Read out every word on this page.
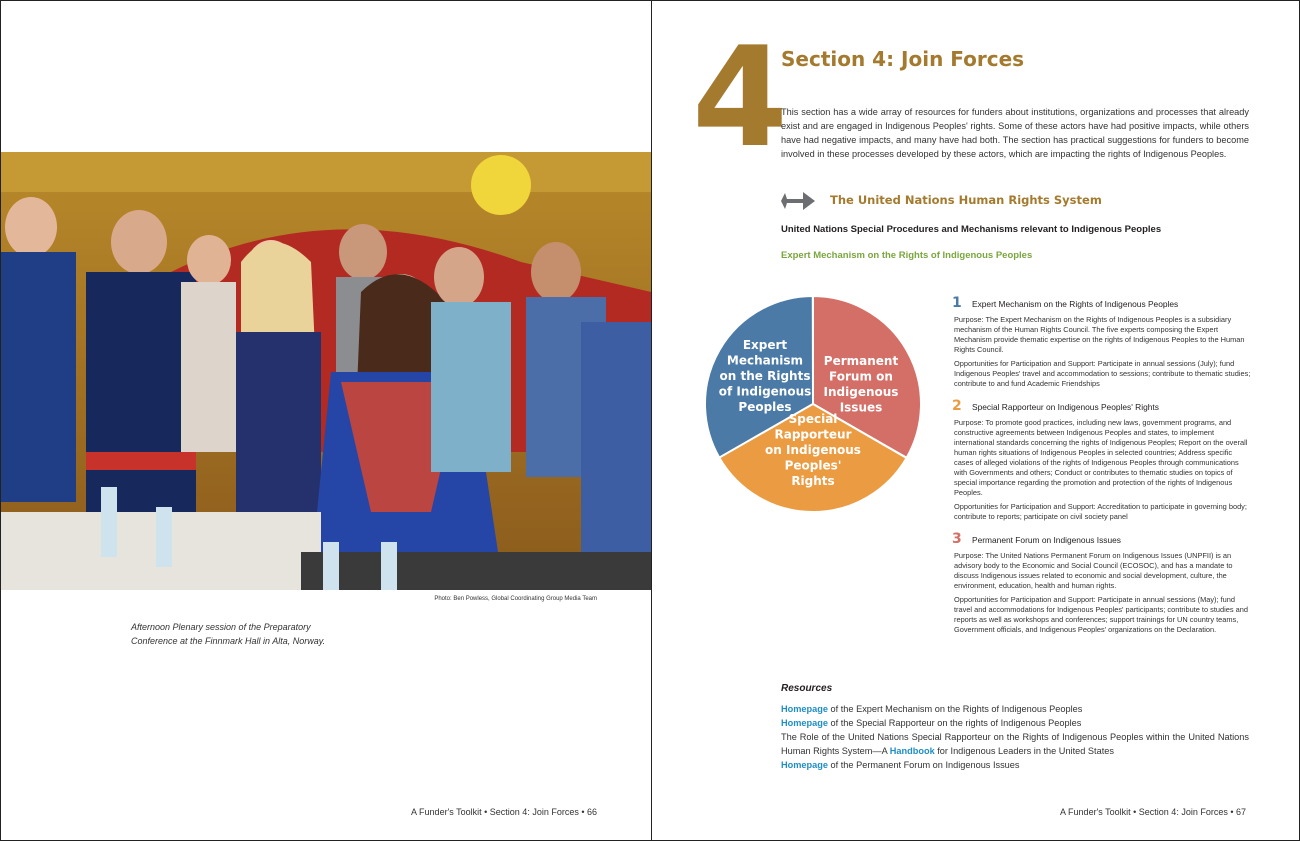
Photo: Ben Powless, Global Coordinating Group Media Team
Afternoon Plenary session of the Preparatory
Conference at the Finnmark Hall in Alta, Norway.
A Funder's Toolkit • Section 4: Join Forces • 66
4
Section 4: Join Forces
This section has a wide array of resources for funders about institutions, organizations and processes that already exist and are engaged in Indigenous Peoples' rights. Some of these actors have had positive impacts, while others have had negative impacts, and many have had both. The section has practical suggestions for funders to become involved in these processes developed by these actors, which are impacting the rights of Indigenous Peoples.
The United Nations Human Rights System
United Nations Special Procedures and Mechanisms relevant to Indigenous Peoples
Expert Mechanism on the Rights of Indigenous Peoples
Expert Mechanism on the Rights of Indigenous Peoples
Permanent Forum on Indigenous Issues
Special Rapporteur on Indigenous Peoples' Rights
1	Expert Mechanism on the Rights of Indigenous Peoples

Purpose: The Expert Mechanism on the Rights of Indigenous Peoples is a subsidiary mechanism of the Human Rights Council. The five experts composing the Expert Mechanism provide thematic expertise on the rights of Indigenous Peoples to the Human Rights Council.

Opportunities for Participation and Support: Participate in annual sessions (July); fund Indigenous Peoples' travel and accommodation to sessions; contribute to thematic studies; contribute to and fund Academic Friendships

2	Special Rapporteur on Indigenous Peoples' Rights

Purpose: To promote good practices, including new laws, government programs, and constructive agreements between Indigenous Peoples and states, to implement international standards concerning the rights of Indigenous Peoples; Report on the overall human rights situations of Indigenous Peoples in selected countries; Address specific cases of alleged violations of the rights of Indigenous Peoples through communications with Governments and others; Conduct or contributes to thematic studies on topics of special importance regarding the promotion and protection of the rights of Indigenous Peoples.

Opportunities for Participation and Support: Accreditation to participate in governing body; contribute to reports; participate on civil society panel

3	Permanent Forum on Indigenous Issues

Purpose: The United Nations Permanent Forum on Indigenous Issues (UNPFII) is an advisory body to the Economic and Social Council (ECOSOC), and has a mandate to discuss Indigenous issues related to economic and social development, culture, the environment, education, health and human rights.

Opportunities for Participation and Support: Participate in annual sessions (May); fund travel and accommodations for Indigenous Peoples' participants; contribute to studies and reports as well as workshops and conferences; support trainings for UN country teams, Government officials, and Indigenous Peoples' organizations on the Declaration.

Resources
Homepage of the Expert Mechanism on the Rights of Indigenous Peoples
Homepage of the Special Rapporteur on the rights of Indigenous Peoples
The Role of the United Nations Special Rapporteur on the Rights of Indigenous Peoples within the United Nations Human Rights System—A Handbook for Indigenous Leaders in the United States
Homepage of the Permanent Forum on Indigenous Issues
A Funder's Toolkit • Section 4: Join Forces • 67
